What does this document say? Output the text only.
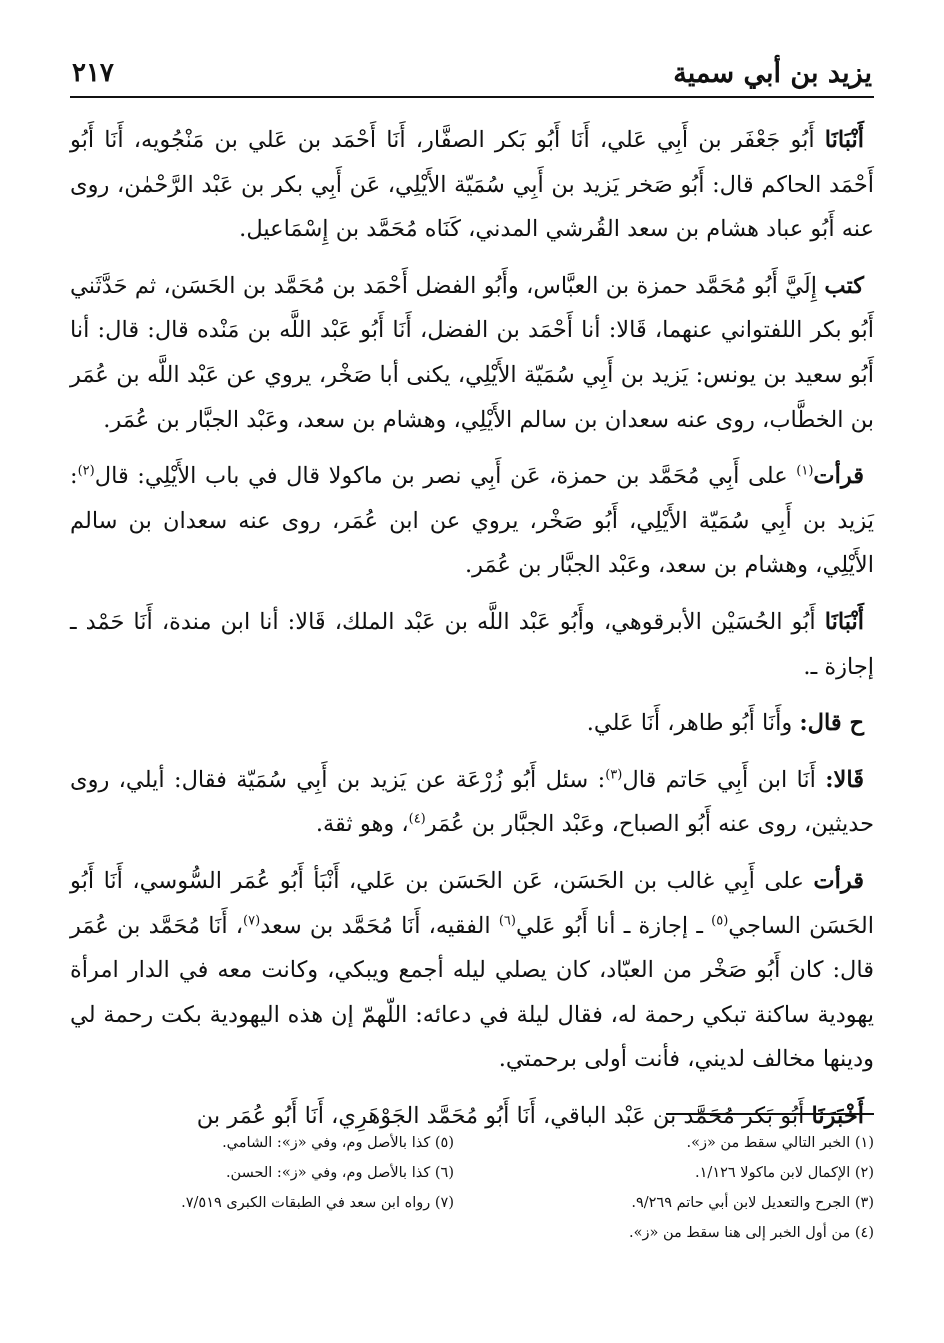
يزيد بن أبي سمية
٢١٧

أَنْبَانَا أَبُو جَعْفَر بن أَبِي عَلي، أَنَا أَبُو بَكر الصفَّار، أَنَا أَحْمَد بن عَلي بن مَنْجُويه، أَنَا أَبُو أَحْمَد الحاكم قال: أَبُو صَخر يَزيد بن أَبِي سُمَيّة الأَيْلِي، عَن أَبِي بكر بن عَبْد الرَّحْمٰن، روى عنه أَبُو عباد هشام بن سعد القُرشي المدني، كَنَاه مُحَمَّد بن إِسْمَاعيل.

كتب إِلَيَّ أَبُو مُحَمَّد حمزة بن العبَّاس، وأَبُو الفضل أَحْمَد بن مُحَمَّد بن الحَسَن، ثم حَدَّثَني أَبُو بكر اللفتواني عنهما، قَالا: أنا أَحْمَد بن الفضل، أَنَا أَبُو عَبْد اللَّه بن مَنْده قال: قال: أنا أَبُو سعيد بن يونس: يَزيد بن أَبِي سُمَيّة الأَيْلِي، يكنى أبا صَخْر، يروي عن عَبْد اللَّه بن عُمَر بن الخطَّاب، روى عنه سعدان بن سالم الأَيْلِي، وهشام بن سعد، وعَبْد الجبَّار بن عُمَر.

قرأت$^{(١)}$ على أَبِي مُحَمَّد بن حمزة، عَن أَبِي نصر بن ماكولا قال في باب الأَيْلِي: قال$^{(٢)}$: يَزيد بن أَبِي سُمَيّة الأَيْلِي، أَبُو صَخْر، يروي عن ابن عُمَر، روى عنه سعدان بن سالم الأَيْلِي، وهشام بن سعد، وعَبْد الجبَّار بن عُمَر.

أَنْبَانَا أَبُو الحُسَيْن الأبرقوهي، وأَبُو عَبْد اللَّه بن عَبْد الملك، قَالا: أنا ابن مندة، أَنَا حَمْد ـ إجازة ـ.

ح قال: وأَنَا أَبُو طاهر، أَنَا عَلي.

قَالا: أَنَا ابن أَبِي حَاتم قال$^{(٣)}$: سئل أَبُو زُرْعَة عن يَزيد بن أَبِي سُمَيّة فقال: أيلي، روى حديثين، روى عنه أَبُو الصباح، وعَبْد الجبَّار بن عُمَر$^{(٤)}$، وهو ثقة.

قرأت على أَبِي غالب بن الحَسَن، عَن الحَسَن بن عَلي، أَنْبَأ أَبُو عُمَر السُّوسي، أَنَا أَبُو الحَسَن الساجي$^{(٥)}$ ـ إجازة ـ أنا أَبُو عَلي$^{(٦)}$ الفقيه، أَنَا مُحَمَّد بن سعد$^{(٧)}$، أَنَا مُحَمَّد بن عُمَر قال: كان أَبُو صَخْر من العبّاد، كان يصلي ليله أجمع ويبكي، وكانت معه في الدار امرأة يهودية ساكنة تبكي رحمة له، فقال ليلة في دعائه: اللّهمّ إن هذه اليهودية بكت رحمة لي ودينها مخالف لديني، فأنت أولى برحمتي.

أَخْبَرَنَا أَبُو بَكر مُحَمَّد بن عَبْد الباقي، أَنَا أَبُو مُحَمَّد الجَوْهَرِي، أَنَا أَبُو عُمَر بن

(١) الخبر التالي سقط من «ز».

(٢) الإكمال لابن ماكولا ١/١٢٦.

(٣) الجرح والتعديل لابن أبي حاتم ٩/٢٦٩.

(٤) من أول الخبر إلى هنا سقط من «ز».

(٥) كذا بالأصل وم، وفي «ز»: الشامي.

(٦) كذا بالأصل وم، وفي «ز»: الحسن.

(٧) رواه ابن سعد في الطبقات الكبرى ٧/٥١٩.
